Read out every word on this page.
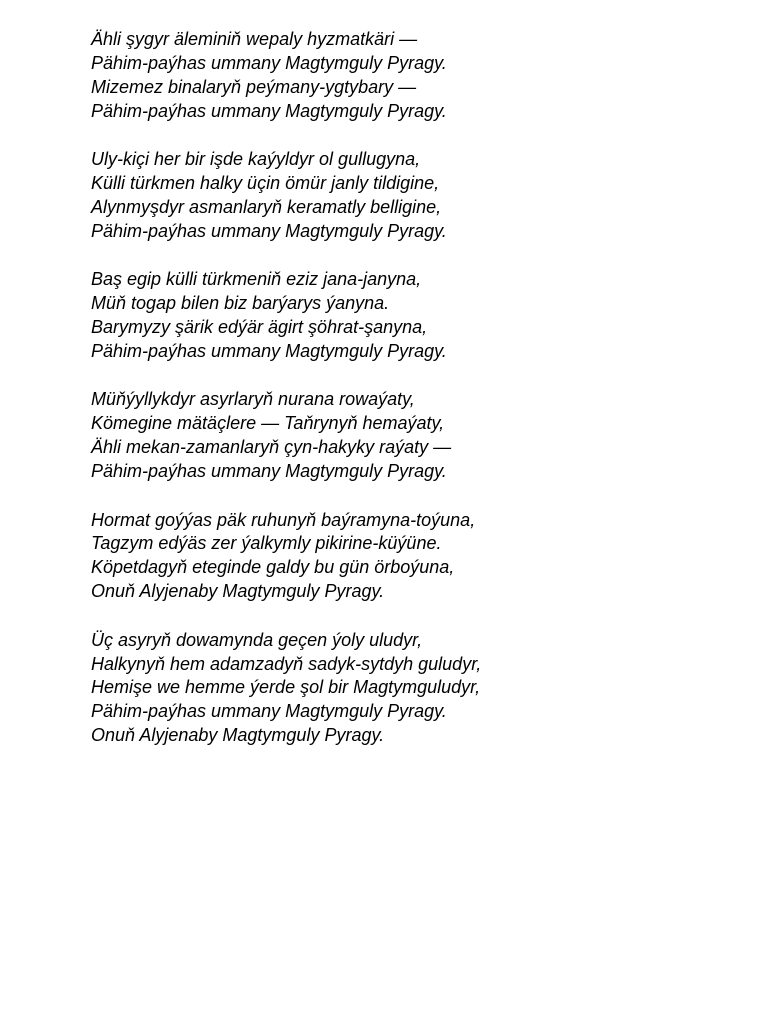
Ähli şygyr äleminiň wepaly hyzmatkäri —
Pähim-paýhas ummany Magtymguly Pyragy.
Mizemez binalaryň peýmany-ygtybary —
Pähim-paýhas ummany Magtymguly Pyragy.
Uly-kiçi her bir işde kaýyldyr ol gullugyna,
Külli türkmen halky üçin ömür janly tildigine,
Alynmyşdyr asmanlaryň keramatly belligine,
Pähim-paýhas ummany Magtymguly Pyragy.
Baş egip külli türkmeniň eziz jana-janyna,
Müň togap bilen biz barýarys ýanyna.
Barymyzy şärik edýär ägirt şöhrat-şanyna,
Pähim-paýhas ummany Magtymguly Pyragy.
Müňýyllykdyr asyrlaryň nurana rowaýaty,
Kömegine mätäçlere — Taňrynyň hemaýaty,
Ähli mekan-zamanlaryň çyn-hakyky raýaty —
Pähim-paýhas ummany Magtymguly Pyragy.
Hormat goýýas päk ruhunyň baýramyna-toýuna,
Tagzym edýäs zer ýalkymly pikirine-küýüne.
Köpetdagyň eteginde galdy bu gün örboýuna,
Onuň Alyjenaby Magtymguly Pyragy.
Üç asyryň dowamynda geçen ýoly uludyr,
Halkynyň hem adamzadyň sadyk-sytdyh guludyr,
Hemişe we hemme ýerde şol bir Magtymguludyr,
Pähim-paýhas ummany Magtymguly Pyragy.
Onuň Alyjenaby Magtymguly Pyragy.
